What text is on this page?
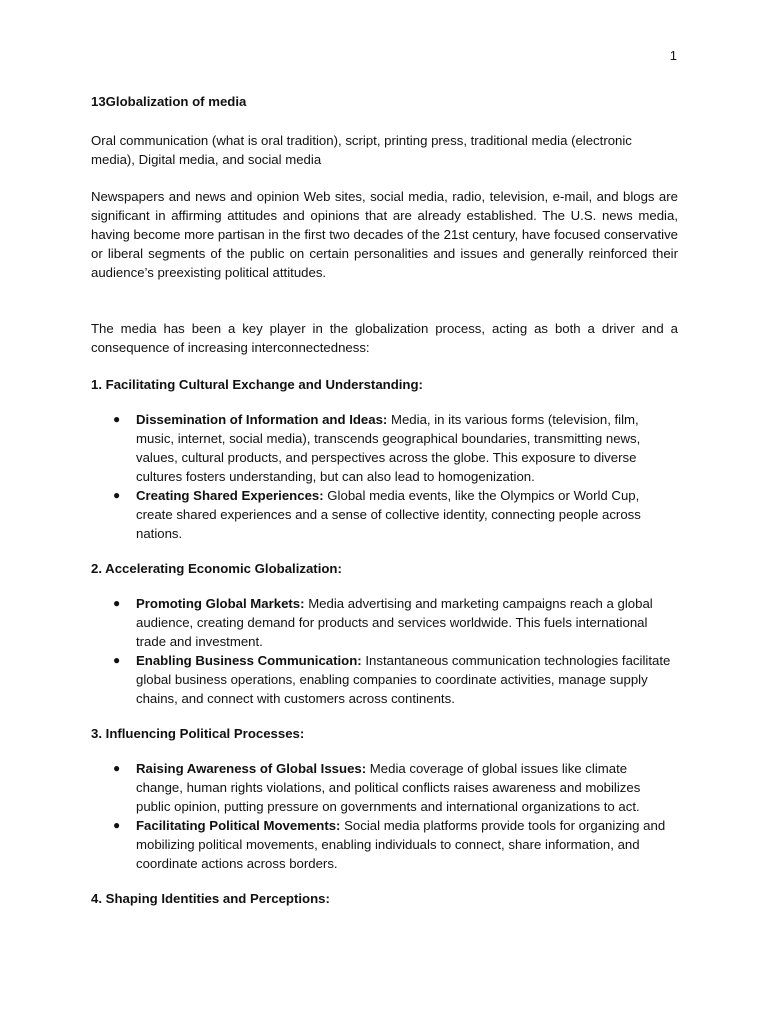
1

13Globalization of media

Oral communication (what is oral tradition), script, printing press, traditional media (electronic media), Digital media, and social media

Newspapers and news and opinion Web sites, social media, radio, television, e-mail, and blogs are significant in affirming attitudes and opinions that are already established. The U.S. news media, having become more partisan in the first two decades of the 21st century, have focused conservative or liberal segments of the public on certain personalities and issues and generally reinforced their audience’s preexisting political attitudes.

The media has been a key player in the globalization process, acting as both a driver and a consequence of increasing interconnectedness:

1. Facilitating Cultural Exchange and Understanding:

● Dissemination of Information and Ideas: Media, in its various forms (television, film, music, internet, social media), transcends geographical boundaries, transmitting news, values, cultural products, and perspectives across the globe. This exposure to diverse cultures fosters understanding, but can also lead to homogenization.
● Creating Shared Experiences: Global media events, like the Olympics or World Cup, create shared experiences and a sense of collective identity, connecting people across nations.

2. Accelerating Economic Globalization:

● Promoting Global Markets: Media advertising and marketing campaigns reach a global audience, creating demand for products and services worldwide. This fuels international trade and investment.
● Enabling Business Communication: Instantaneous communication technologies facilitate global business operations, enabling companies to coordinate activities, manage supply chains, and connect with customers across continents.

3. Influencing Political Processes:

● Raising Awareness of Global Issues: Media coverage of global issues like climate change, human rights violations, and political conflicts raises awareness and mobilizes public opinion, putting pressure on governments and international organizations to act.
● Facilitating Political Movements: Social media platforms provide tools for organizing and mobilizing political movements, enabling individuals to connect, share information, and coordinate actions across borders.

4. Shaping Identities and Perceptions:
